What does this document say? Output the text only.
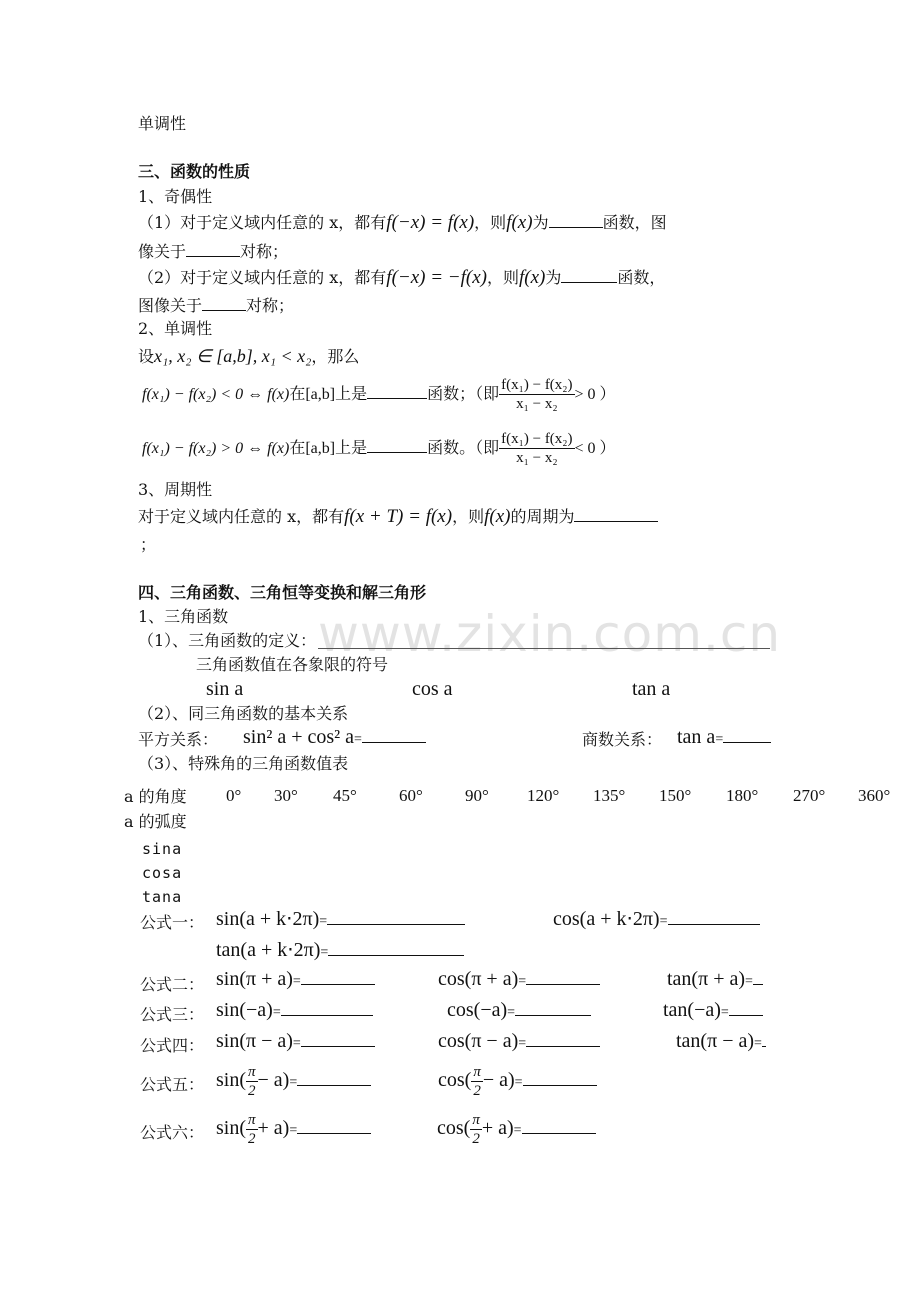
www.zixin.com.cn
单调性
三、函数的性质
1、奇偶性
（1）对于定义域内任意的 x，都有f(−x) = f(x)，则f(x)为	函数，图
像关于	对称；
（2）对于定义域内任意的 x，都有f(−x) = −f(x)，则f(x)为	函数，
图像关于	对称；
2、单调性
设x₁, x₂ ∈ [a,b], x₁ < x₂，那么
f(x₁) − f(x₂) < 0 ⇔ f(x)在[a,b]上是	函数；（即 $\frac{\text{f(x₁) − f(x₂)}}{\text{x₁ − x₂}} > 0$ ）
f(x₁) − f(x₂) > 0 ⇔ f(x)在[a,b]上是	函数。（即 $\frac{\text{f(x₁) − f(x₂)}}{\text{x₁ − x₂}} < 0$ ）
3、周期性
对于定义域内任意的 x，都有f(x + T) = f(x)，则f(x)的周期为
；
四、三角函数、三角恒等变换和解三角形
1、三角函数
（1）、三角函数的定义：
三角函数值在各象限的符号
sin a	cos a	tan a
（2）、同三角函数的基本关系
平方关系： sin² a + cos² a=	商数关系： tan a=
（3）、特殊角的三角函数值表
a 的角度 0° 30° 45° 60° 90° 120° 135° 150° 180° 270° 360°
a 的弧度
sina
cosa
tana
公式一： sin(a + k⋅2π)=	cos(a + k⋅2π)=
tan(a + k⋅2π)=
公式二： sin(π + a)=	cos(π + a)=	tan(π + a)=
公式三： sin(−a)=	cos(−a)=	tan(−a)=
公式四： sin(π − a)=	cos(π − a)=	tan(π − a)=
公式五： $\sin( \frac{\pi}{2} - a)=$	$\cos( \frac{\pi}{2} - a)=$
公式六： $\sin( \frac{\pi}{2} + a)=$	$\cos( \frac{\pi}{2} + a)=$
